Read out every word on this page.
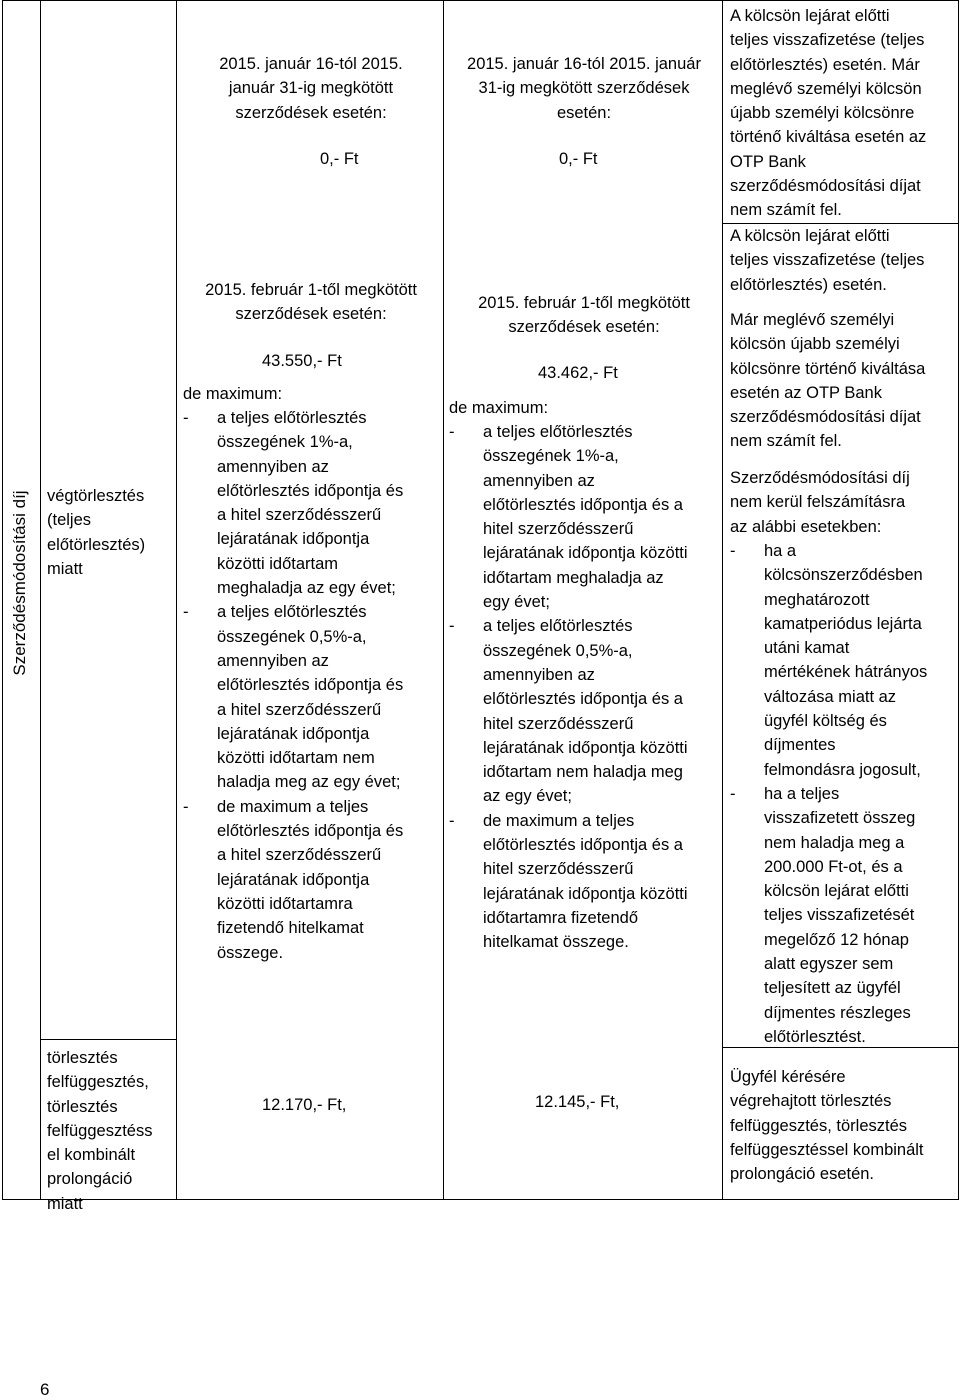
Szerződésmódosítási díj végtörlesztés
(teljes
előtörlesztés)
miatt
törlesztés
felfüggesztés,
törlesztés
felfüggesztéss
el kombinált
prolongáció
miatt
2015. január 16-tól 2015.
január 31-ig megkötött
szerződések esetén:
0,- Ft
2015. február 1-től megkötött
szerződések esetén:
43.550,- Ft
de maximum:
- a teljes előtörlesztés
összegének 1%-a,
amennyiben az
előtörlesztés időpontja és
a hitel szerződésszerű
lejáratának időpontja
közötti időtartam
meghaladja az egy évet;
- a teljes előtörlesztés
összegének 0,5%-a,
amennyiben az
előtörlesztés időpontja és
a hitel szerződésszerű
lejáratának időpontja
közötti időtartam nem
haladja meg az egy évet;
- de maximum a teljes
előtörlesztés időpontja és
a hitel szerződésszerű
lejáratának időpontja
közötti időtartamra
fizetendő hitelkamat
összege.
12.170,- Ft,
2015. január 16-tól 2015. január
31-ig megkötött szerződések
esetén:
0,- Ft
2015. február 1-től megkötött
szerződések esetén:
43.462,- Ft
de maximum:
- a teljes előtörlesztés
összegének 1%-a,
amennyiben az
előtörlesztés időpontja és a
hitel szerződésszerű
lejáratának időpontja közötti
időtartam meghaladja az
egy évet;
- a teljes előtörlesztés
összegének 0,5%-a,
amennyiben az
előtörlesztés időpontja és a
hitel szerződésszerű
lejáratának időpontja közötti
időtartam nem haladja meg
az egy évet;
- de maximum a teljes
előtörlesztés időpontja és a
hitel szerződésszerű
lejáratának időpontja közötti
időtartamra fizetendő
hitelkamat összege.
12.145,- Ft,
A kölcsön lejárat előtti
teljes visszafizetése (teljes
előtörlesztés) esetén. Már
meglévő személyi kölcsön
újabb személyi kölcsönre
történő kiváltása esetén az
OTP Bank
szerződésmódosítási díjat
nem számít fel.
A kölcsön lejárat előtti
teljes visszafizetése (teljes
előtörlesztés) esetén.
Már meglévő személyi
kölcsön újabb személyi
kölcsönre történő kiváltása
esetén az OTP Bank
szerződésmódosítási díjat
nem számít fel.
Szerződésmódosítási díj
nem kerül felszámításra
az alábbi esetekben:
- ha a
kölcsönszerződésben
meghatározott
kamatperiódus lejárta
utáni kamat
mértékének hátrányos
változása miatt az
ügyfél költség és
díjmentes
felmondásra jogosult,
- ha a teljes
visszafizetett összeg
nem haladja meg a
200.000 Ft-ot, és a
kölcsön lejárat előtti
teljes visszafizetését
megelőző 12 hónap
alatt egyszer sem
teljesített az ügyfél
díjmentes részleges
előtörlesztést.
Ügyfél kérésére
végrehajtott törlesztés
felfüggesztés, törlesztés
felfüggesztéssel kombinált
prolongáció esetén.
6
